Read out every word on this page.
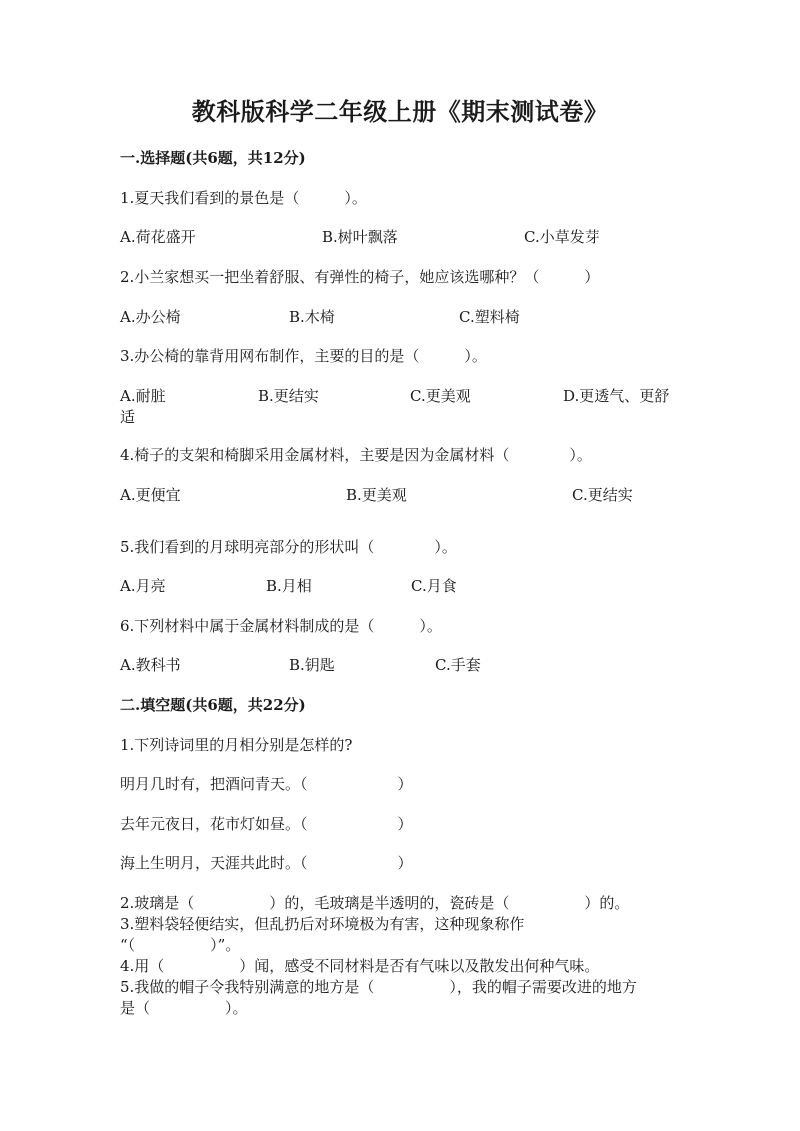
教科版科学二年级上册《期末测试卷》
一.选择题(共6题，共12分)
1.夏天我们看到的景色是（　　　）。
A.荷花盛开	B.树叶飘落	C.小草发芽
2.小兰家想买一把坐着舒服、有弹性的椅子，她应该选哪种？（　　　）
A.办公椅	B.木椅	C.塑料椅
3.办公椅的靠背用网布制作，主要的目的是（　　　）。
A.耐脏	B.更结实	C.更美观	D.更透气、更舒
适
4.椅子的支架和椅脚采用金属材料，主要是因为金属材料（　　　　）。
A.更便宜	B.更美观	C.更结实
5.我们看到的月球明亮部分的形状叫（　　　　）。
A.月亮	B.月相	C.月食
6.下列材料中属于金属材料制成的是（　　　）。
A.教科书	B.钥匙	C.手套
二.填空题(共6题，共22分)
1.下列诗词里的月相分别是怎样的?
明月几时有，把酒问青天。（　　　　　　）
去年元夜日，花市灯如昼。（　　　　　　）
海上生明月，天涯共此时。（　　　　　　）
2.玻璃是（　　　　　）的，毛玻璃是半透明的，瓷砖是（　　　　　）的。
3.塑料袋轻便结实，但乱扔后对环境极为有害，这种现象称作
“（　　　　　）”。
4.用（　　　　　）闻，感受不同材料是否有气味以及散发出何种气味。
5.我做的帽子令我特别满意的地方是（　　　　　），我的帽子需要改进的地方
是（　　　　　）。
